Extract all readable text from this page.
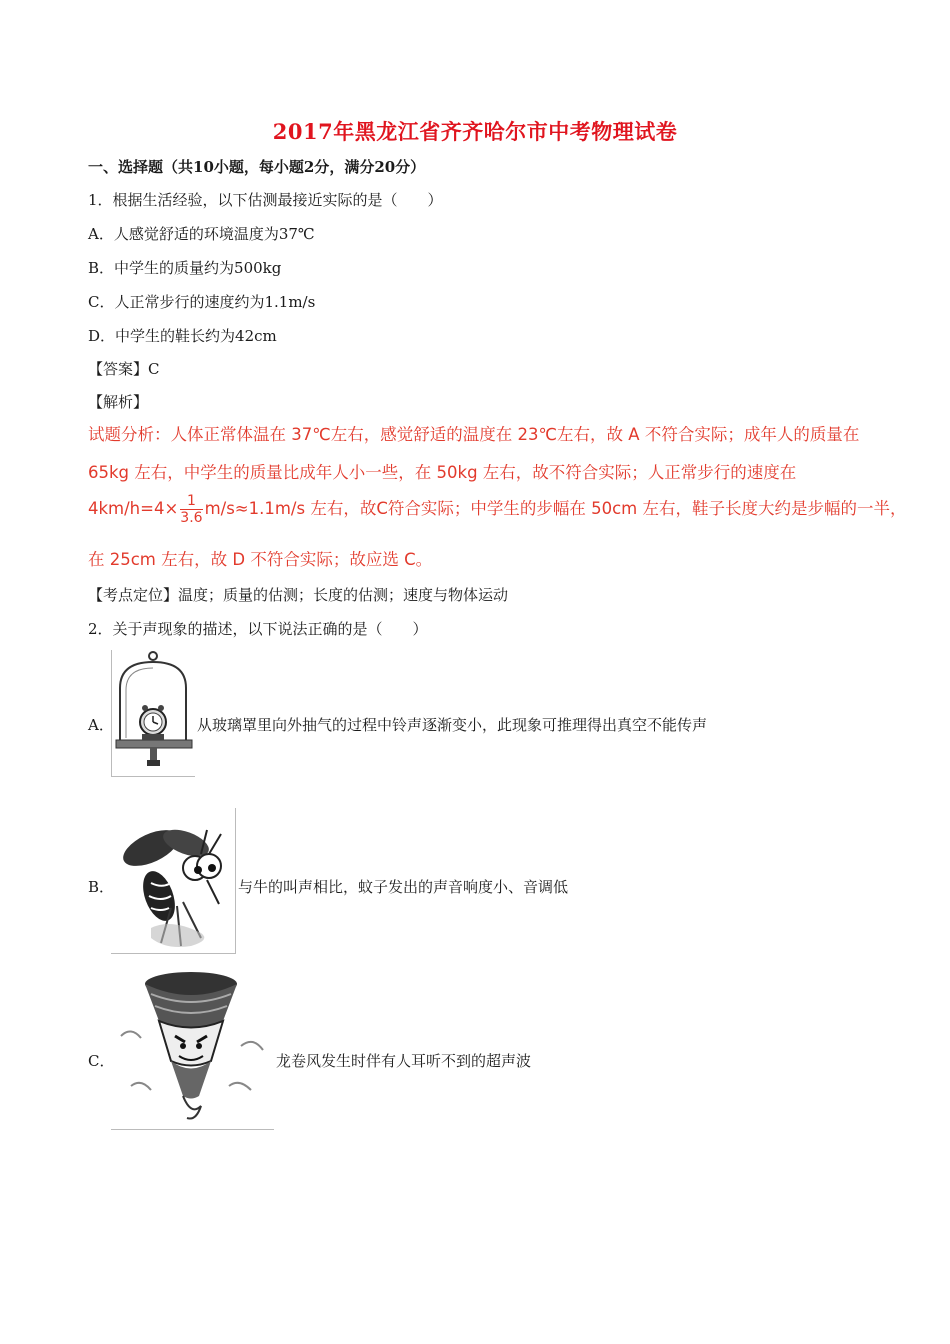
2017年黑龙江省齐齐哈尔市中考物理试卷
一、选择题（共10小题，每小题2分，满分20分）
1．根据生活经验，以下估测最接近实际的是（　　）
A．人感觉舒适的环境温度为37℃
B．中学生的质量约为500kg
C．人正常步行的速度约为1.1m/s
D．中学生的鞋长约为42cm
【答案】C
【解析】
试题分析：人体正常体温在 37℃左右，感觉舒适的温度在 23℃左右，故 A 不符合实际；成年人的质量在
65kg 左右，中学生的质量比成年人小一些，在 50kg 左右，故不符合实际；人正常步行的速度在
$4km/h=4\times \frac{1}{3.6} m/s\approx 1.1m/s$ 左右，故C符合实际；中学生的步幅在 50cm 左右，鞋子长度大约是步幅的一半，
在 25cm 左右，故 D 不符合实际；故应选 C。
【考点定位】温度；质量的估测；长度的估测；速度与物体运动
2．关于声现象的描述，以下说法正确的是（　　）
A．	从玻璃罩里向外抽气的过程中铃声逐渐变小，此现象可推理得出真空不能传声
B．	与牛的叫声相比，蚊子发出的声音响度小、音调低
C．	龙卷风发生时伴有人耳听不到的超声波
